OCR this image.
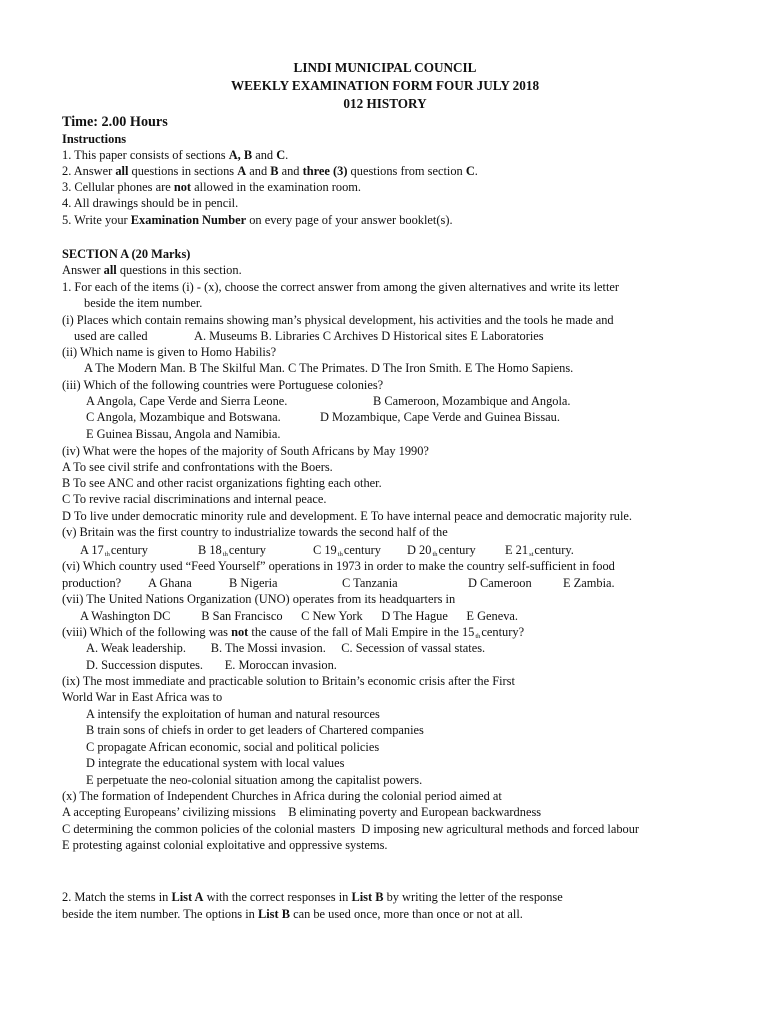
LINDI MUNICIPAL COUNCIL
WEEKLY EXAMINATION FORM FOUR JULY 2018
012 HISTORY
Time: 2.00 Hours
Instructions
1. This paper consists of sections A, B and C.
2. Answer all questions in sections A and B and three (3) questions from section C.
3. Cellular phones are not allowed in the examination room.
4. All drawings should be in pencil.
5. Write your Examination Number on every page of your answer booklet(s).
SECTION A (20 Marks)
Answer all questions in this section.
1. For each of the items (i) - (x), choose the correct answer from among the given alternatives and write its letter
beside the item number.
(i) Places which contain remains showing man’s physical development, his activities and the tools he made and
used are called	A. Museums B. Libraries C Archives D Historical sites E Laboratories
(ii) Which name is given to Homo Habilis?
A The Modern Man. B The Skilful Man. C The Primates. D The Iron Smith. E The Homo Sapiens.
(iii) Which of the following countries were Portuguese colonies?
A Angola, Cape Verde and Sierra Leone.	B Cameroon, Mozambique and Angola.
C Angola, Mozambique and Botswana.	D Mozambique, Cape Verde and Guinea Bissau.
E Guinea Bissau, Angola and Namibia.
(iv) What were the hopes of the majority of South Africans by May 1990?
A To see civil strife and confrontations with the Boers.
B To see ANC and other racist organizations fighting each other.
C To revive racial discriminations and internal peace.
D To live under democratic minority rule and development. E To have internal peace and democratic majority rule.
(v) Britain was the first country to industrialize towards the second half of the
A 17thcentury	B 18thcentury	C 19thcentury D 20thcentury E 21stcentury.
(vi) Which country used “Feed Yourself” operations in 1973 in order to make the country self-sufficient in food
production? A Ghana	B Nigeria	C Tanzania	D Cameroon	E Zambia.
(vii) The United Nations Organization (UNO) operates from its headquarters in
A Washington DC          B San Francisco      C New York      D The Hague      E Geneva.
(viii) Which of the following was not the cause of the fall of Mali Empire in the 15thcentury?
A. Weak leadership.        B. The Mossi invasion.     C. Secession of vassal states.
D. Succession disputes.       E. Moroccan invasion.
(ix) The most immediate and practicable solution to Britain’s economic crisis after the First
World War in East Africa was to
A intensify the exploitation of human and natural resources
B train sons of chiefs in order to get leaders of Chartered companies
C propagate African economic, social and political policies
D integrate the educational system with local values
E perpetuate the neo-colonial situation among the capitalist powers.
(x) The formation of Independent Churches in Africa during the colonial period aimed at
A accepting Europeans’ civilizing missions    B eliminating poverty and European backwardness
C determining the common policies of the colonial masters  D imposing new agricultural methods and forced labour
E protesting against colonial exploitative and oppressive systems.
2. Match the stems in List A with the correct responses in List B by writing the letter of the response
beside the item number. The options in List B can be used once, more than once or not at all.
